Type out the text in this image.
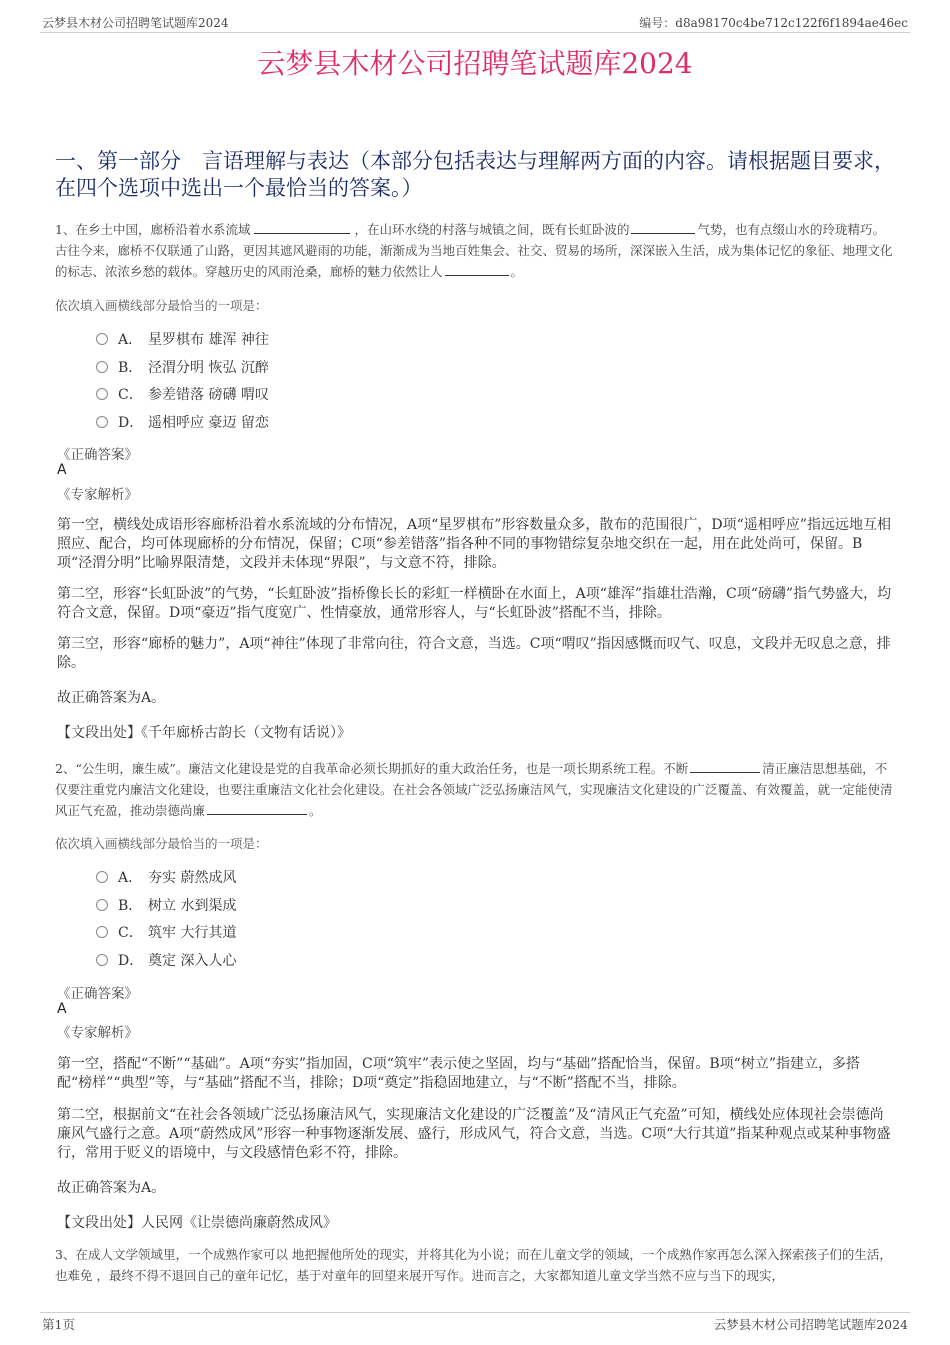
云梦县木材公司招聘笔试题库2024	编号：d8a98170c4be712c122f6f1894ae46ec
云梦县木材公司招聘笔试题库2024
一、第一部分　言语理解与表达（本部分包括表达与理解两方面的内容。请根据题目要求，在四个选项中选出一个最恰当的答案。）
1、在乡土中国，廊桥沿着水系流域	，在山环水绕的村落与城镇之间，既有长虹卧波的	气势，也有点缀山水的玲珑精巧。古往今来，廊桥不仅联通了山路，更因其遮风避雨的功能，渐渐成为当地百姓集会、社交、贸易的场所，深深嵌入生活，成为集体记忆的象征、地理文化的标志、浓浓乡愁的载体。穿越历史的风雨沧桑，廊桥的魅力依然让人	。
依次填入画横线部分最恰当的一项是：
A． 星罗棋布 雄浑 神往
B． 泾渭分明 恢弘 沉醉
C． 参差错落 磅礴 喟叹
D． 遥相呼应 豪迈 留恋
《正确答案》
A
《专家解析》
第一空，横线处成语形容廊桥沿着水系流域的分布情况，A项“星罗棋布”形容数量众多，散布的范围很广，D项“遥相呼应”指远远地互相照应、配合，均可体现廊桥的分布情况，保留；C项“参差错落”指各种不同的事物错综复杂地交织在一起，用在此处尚可，保留。B项“泾渭分明”比喻界限清楚，文段并未体现“界限”，与文意不符，排除。
第二空，形容“长虹卧波”的气势，“长虹卧波”指桥像长长的彩虹一样横卧在水面上，A项“雄浑”指雄壮浩瀚，C项“磅礴”指气势盛大，均符合文意，保留。D项“豪迈”指气度宽广、性情豪放，通常形容人，与“长虹卧波”搭配不当，排除。
第三空，形容“廊桥的魅力”，A项“神往”体现了非常向往，符合文意，当选。C项“喟叹”指因感慨而叹气、叹息，文段并无叹息之意，排除。
故正确答案为A。
【文段出处】《千年廊桥古韵长（文物有话说）》
2、“公生明，廉生威”。廉洁文化建设是党的自我革命必须长期抓好的重大政治任务，也是一项长期系统工程。不断	清正廉洁思想基础，不仅要注重党内廉洁文化建设，也要注重廉洁文化社会化建设。在社会各领域广泛弘扬廉洁风气，实现廉洁文化建设的广泛覆盖、有效覆盖，就一定能使清风正气充盈，推动崇德尚廉	。
依次填入画横线部分最恰当的一项是：
A． 夯实 蔚然成风
B． 树立 水到渠成
C． 筑牢 大行其道
D． 奠定 深入人心
《正确答案》
A
《专家解析》
第一空，搭配“不断”“基础”。A项“夯实”指加固，C项“筑牢”表示使之坚固，均与“基础”搭配恰当，保留。B项“树立”指建立，多搭配“榜样”“典型”等，与“基础”搭配不当，排除；D项“奠定”指稳固地建立，与“不断”搭配不当，排除。
第二空，根据前文“在社会各领域广泛弘扬廉洁风气，实现廉洁文化建设的广泛覆盖”及“清风正气充盈”可知，横线处应体现社会崇德尚廉风气盛行之意。A项“蔚然成风”形容一种事物逐渐发展、盛行，形成风气，符合文意，当选。C项“大行其道”指某种观点或某种事物盛行，常用于贬义的语境中，与文段感情色彩不符，排除。
故正确答案为A。
【文段出处】人民网《让崇德尚廉蔚然成风》
3、在成人文学领域里，一个成熟作家可以 地把握他所处的现实，并将其化为小说；而在儿童文学的领域，一个成熟作家再怎么深入探索孩子们的生活，也难免 ，最终不得不退回自己的童年记忆，基于对童年的回望来展开写作。进而言之，大家都知道儿童文学当然不应与当下的现实，
第1页	云梦县木材公司招聘笔试题库2024
